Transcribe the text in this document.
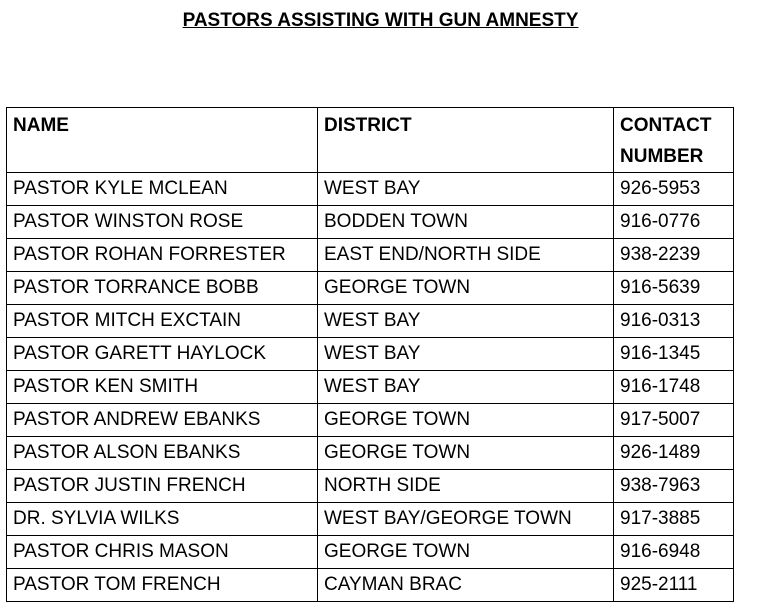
PASTORS ASSISTING WITH GUN AMNESTY
NAME	DISTRICT	CONTACT
NUMBER
PASTOR KYLE MCLEAN	WEST BAY	926-5953
PASTOR WINSTON ROSE	BODDEN TOWN	916-0776
PASTOR ROHAN FORRESTER	EAST END/NORTH SIDE	938-2239
PASTOR TORRANCE BOBB	GEORGE TOWN	916-5639
PASTOR MITCH EXCTAIN	WEST BAY	916-0313
PASTOR GARETT HAYLOCK	WEST BAY	916-1345
PASTOR KEN SMITH	WEST BAY	916-1748
PASTOR ANDREW EBANKS	GEORGE TOWN	917-5007
PASTOR ALSON EBANKS	GEORGE TOWN	926-1489
PASTOR JUSTIN FRENCH	NORTH SIDE	938-7963
DR. SYLVIA WILKS	WEST BAY/GEORGE TOWN	917-3885
PASTOR CHRIS MASON	GEORGE TOWN	916-6948
PASTOR TOM FRENCH	CAYMAN BRAC	925-2111
